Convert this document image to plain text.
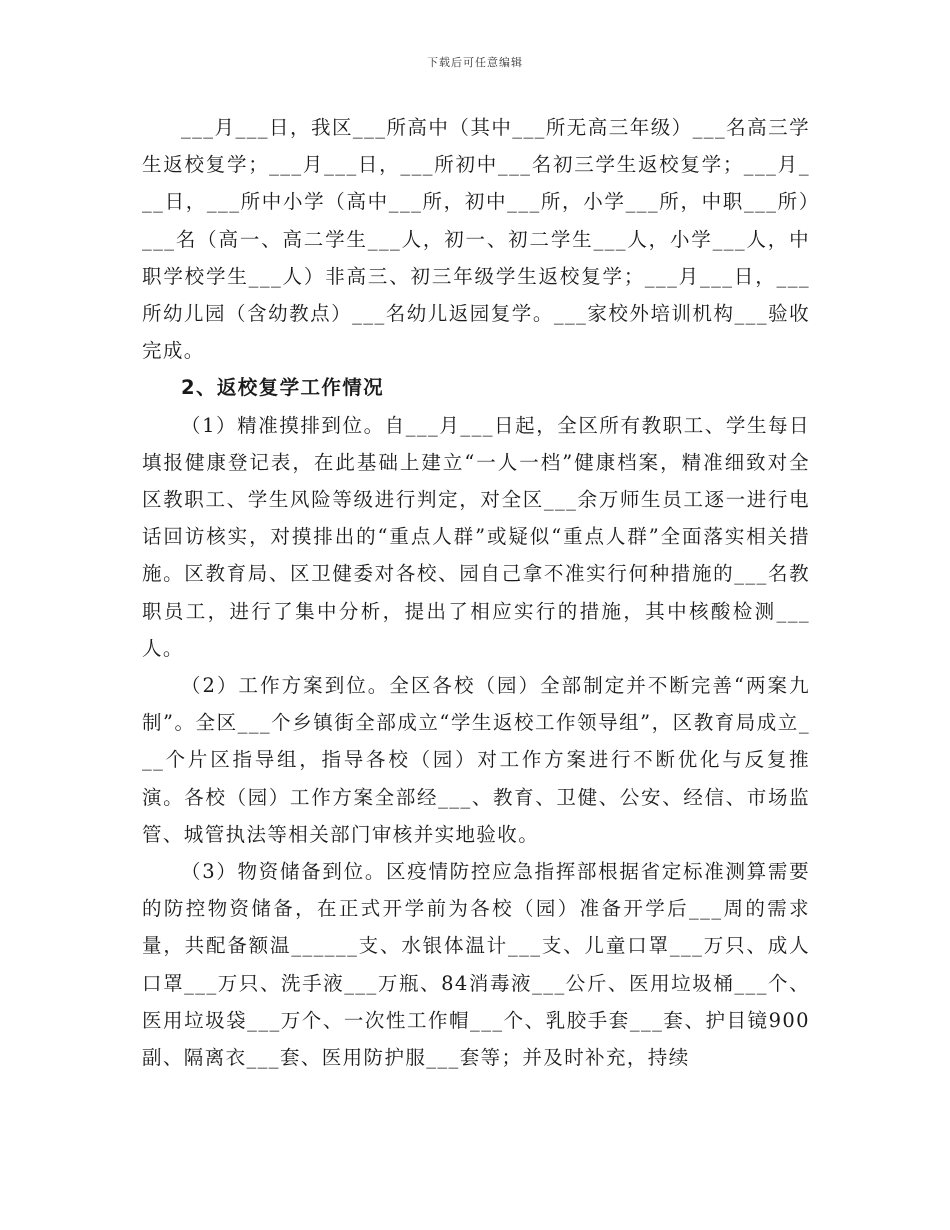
下载后可任意编辑

___月___日，我区___所高中（其中___所无高三年级）___名高三学生返校复学；___月___日，___所初中___名初三学生返校复学；___月___日，___所中小学（高中___所，初中___所，小学___所，中职___所）___名（高一、高二学生___人，初一、初二学生___人，小学___人，中职学校学生___人）非高三、初三年级学生返校复学；___月___日，___所幼儿园（含幼教点）___名幼儿返园复学。___家校外培训机构___验收完成。

2、返校复学工作情况

（1）精准摸排到位。自___月___日起，全区所有教职工、学生每日填报健康登记表，在此基础上建立“一人一档”健康档案，精准细致对全区教职工、学生风险等级进行判定，对全区___余万师生员工逐一进行电话回访核实，对摸排出的“重点人群”或疑似“重点人群”全面落实相关措施。区教育局、区卫健委对各校、园自己拿不准实行何种措施的___名教职员工，进行了集中分析，提出了相应实行的措施，其中核酸检测___人。

（2）工作方案到位。全区各校（园）全部制定并不断完善“两案九制”。全区___个乡镇街全部成立“学生返校工作领导组”，区教育局成立___个片区指导组，指导各校（园）对工作方案进行不断优化与反复推演。各校（园）工作方案全部经___、教育、卫健、公安、经信、市场监管、城管执法等相关部门审核并实地验收。

（3）物资储备到位。区疫情防控应急指挥部根据省定标准测算需要的防控物资储备，在正式开学前为各校（园）准备开学后___周的需求量，共配备额温______支、水银体温计___支、儿童口罩___万只、成人口罩___万只、洗手液___万瓶、84消毒液___公斤、医用垃圾桶___个、医用垃圾袋___万个、一次性工作帽___个、乳胶手套___套、护目镜900副、隔离衣___套、医用防护服___套等；并及时补充，持续
